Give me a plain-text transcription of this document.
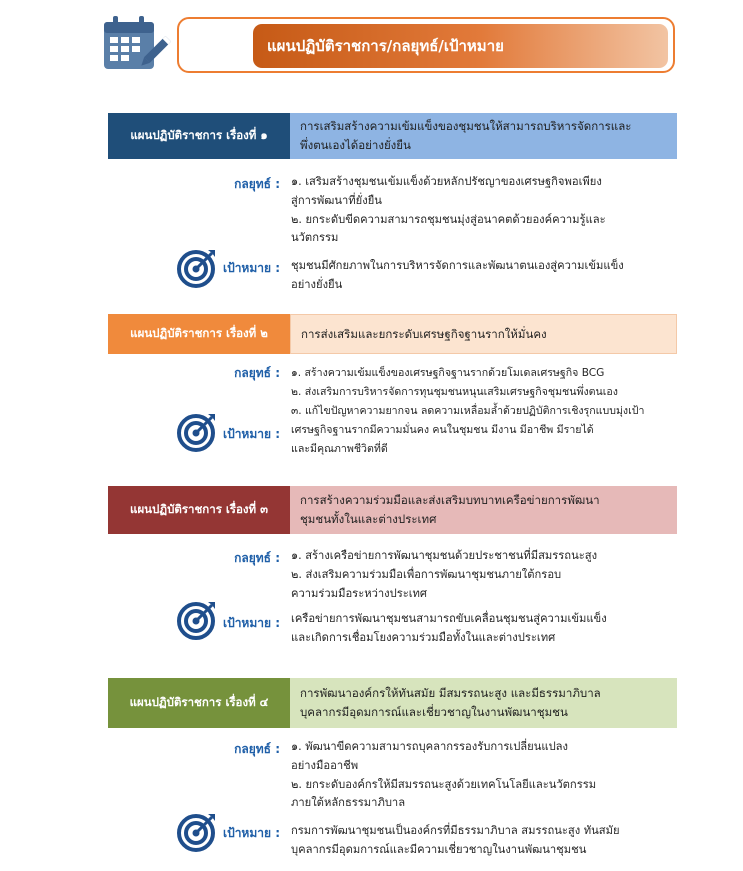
แผนปฏิบัติราชการ/กลยุทธ์/เป้าหมาย
แผนปฏิบัติราชการ เรื่องที่ ๑
การเสริมสร้างความเข้มแข็งของชุมชนให้สามารถบริหารจัดการและ
พึ่งตนเองได้อย่างยั่งยืน
กลยุทธ์ : ๑. เสริมสร้างชุมชนเข้มแข็งด้วยหลักปรัชญาของเศรษฐกิจพอเพียง
สู่การพัฒนาที่ยั่งยืน
๒. ยกระดับขีดความสามารถชุมชนมุ่งสู่อนาคตด้วยองค์ความรู้และ
นวัตกรรม
เป้าหมาย : ชุมชนมีศักยภาพในการบริหารจัดการและพัฒนาตนเองสู่ความเข้มแข็ง
อย่างยั่งยืน
แผนปฏิบัติราชการ เรื่องที่ ๒	การส่งเสริมและยกระดับเศรษฐกิจฐานรากให้มั่นคง
กลยุทธ์ : ๑. สร้างความเข้มแข็งของเศรษฐกิจฐานรากด้วยโมเดลเศรษฐกิจ BCG
๒. ส่งเสริมการบริหารจัดการทุนชุมชนหนุนเสริมเศรษฐกิจชุมชนพึ่งตนเอง
๓. แก้ไขปัญหาความยากจน ลดความเหลื่อมล้ำด้วยปฏิบัติการเชิงรุกแบบมุ่งเป้า
เป้าหมาย : เศรษฐกิจฐานรากมีความมั่นคง คนในชุมชน มีงาน มีอาชีพ มีรายได้
และมีคุณภาพชีวิตที่ดี
แผนปฏิบัติราชการ เรื่องที่ ๓
การสร้างความร่วมมือและส่งเสริมบทบาทเครือข่ายการพัฒนา
ชุมชนทั้งในและต่างประเทศ
กลยุทธ์ : ๑. สร้างเครือข่ายการพัฒนาชุมชนด้วยประชาชนที่มีสมรรถนะสูง
๒. ส่งเสริมความร่วมมือเพื่อการพัฒนาชุมชนภายใต้กรอบ
ความร่วมมือระหว่างประเทศ
เป้าหมาย : เครือข่ายการพัฒนาชุมชนสามารถขับเคลื่อนชุมชนสู่ความเข้มแข็ง
และเกิดการเชื่อมโยงความร่วมมือทั้งในและต่างประเทศ
แผนปฏิบัติราชการ เรื่องที่ ๔
การพัฒนาองค์กรให้ทันสมัย มีสมรรถนะสูง และมีธรรมาภิบาล
บุคลากรมีอุดมการณ์และเชี่ยวชาญในงานพัฒนาชุมชน
กลยุทธ์ : ๑. พัฒนาขีดความสามารถบุคลากรรองรับการเปลี่ยนแปลง
อย่างมืออาชีพ
๒. ยกระดับองค์กรให้มีสมรรถนะสูงด้วยเทคโนโลยีและนวัตกรรม
ภายใต้หลักธรรมาภิบาล
เป้าหมาย : กรมการพัฒนาชุมชนเป็นองค์กรที่มีธรรมาภิบาล สมรรถนะสูง ทันสมัย
บุคลากรมีอุดมการณ์และมีความเชี่ยวชาญในงานพัฒนาชุมชน
